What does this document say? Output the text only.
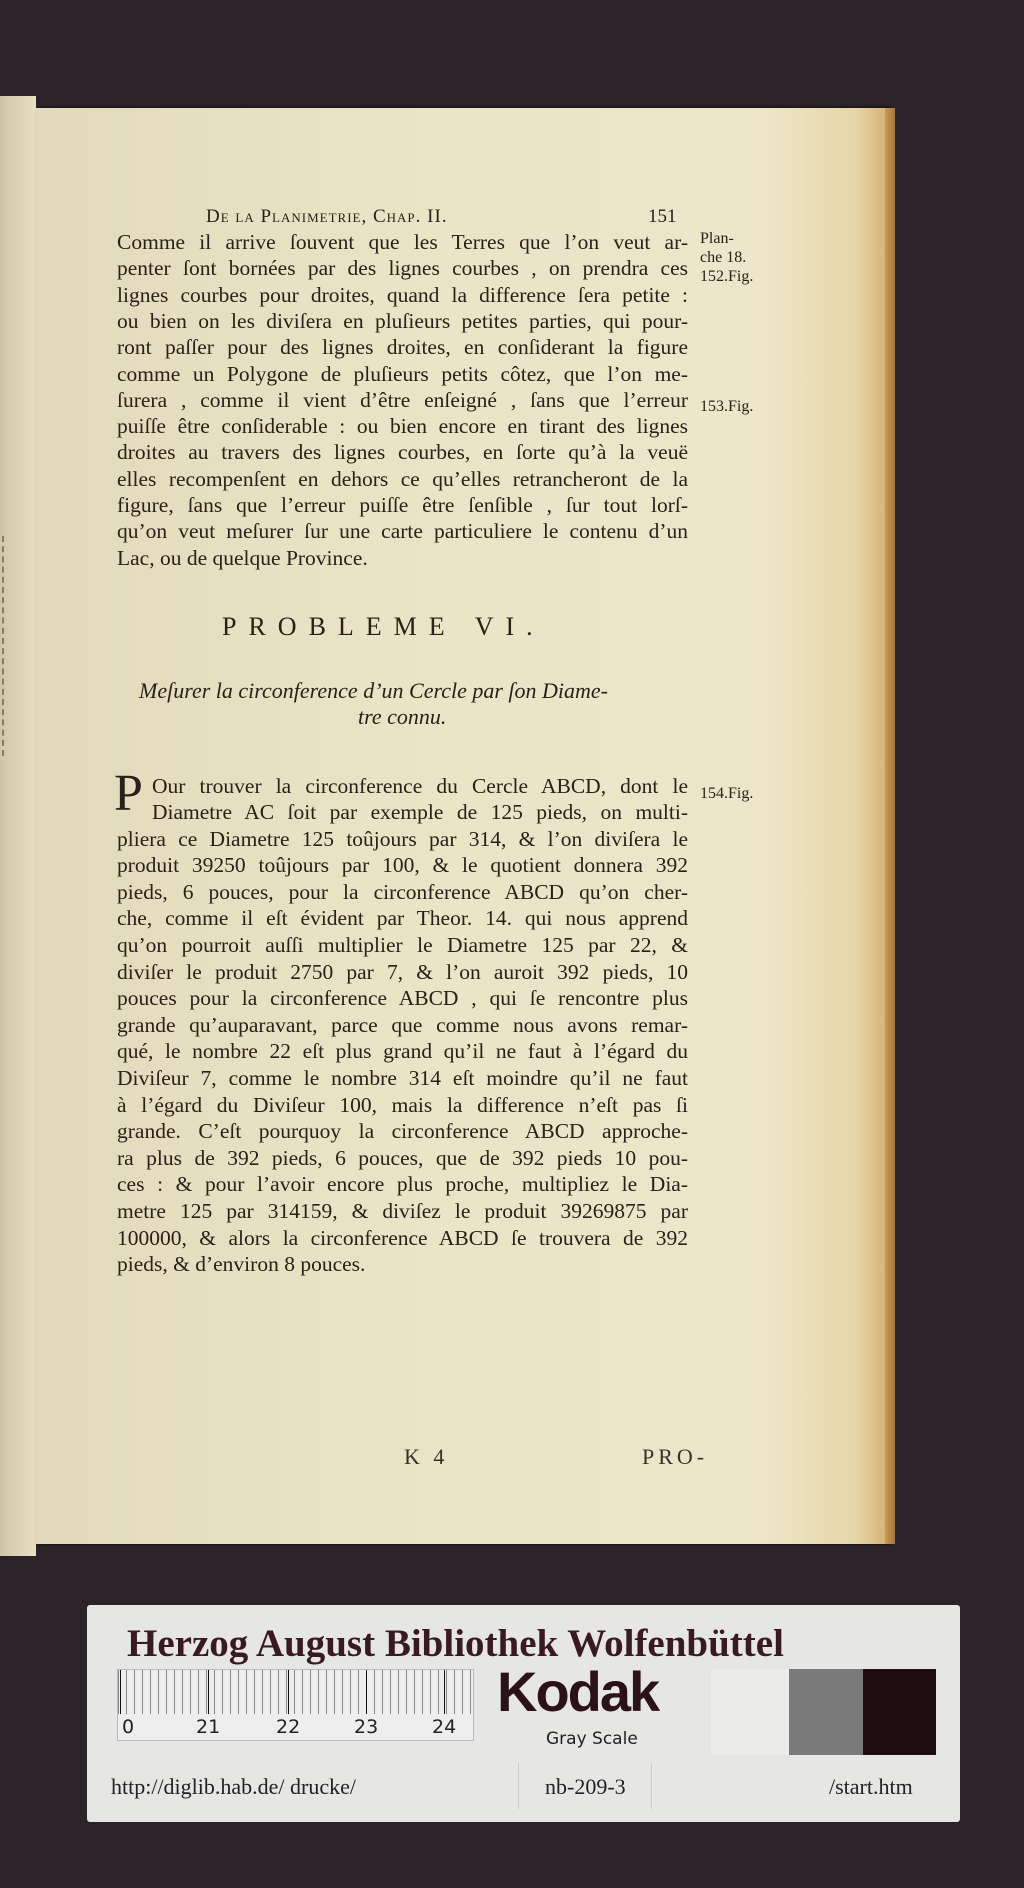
De la Planimetrie, Chap. II.	151
Plan-
che 18.
152.Fig.
153.Fig.
154.Fig.
Comme il arrive ſouvent que les Terres que l’on veut ar-
penter ſont bornées par des lignes courbes , on prendra ces
lignes courbes pour droites, quand la difference ſera petite :
ou bien on les diviſera en pluſieurs petites parties, qui pour-
ront paſſer pour des lignes droites, en conſiderant la figure
comme un Polygone de pluſieurs petits côtez, que l’on me-
ſurera , comme il vient d’être enſeigné , ſans que l’erreur
puiſſe être conſiderable : ou bien encore en tirant des lignes
droites au travers des lignes courbes, en ſorte qu’à la veuë
elles recompenſent en dehors ce qu’elles retrancheront de la
figure, ſans que l’erreur puiſſe être ſenſible , ſur tout lorſ-
qu’on veut meſurer ſur une carte particuliere le contenu d’un
Lac, ou de quelque Province.
PROBLEME VI.
Meſurer la circonference d’un Cercle par ſon Diame-
tre connu.
P Our trouver la circonference du Cercle ABCD, dont le
Diametre AC ſoit par exemple de 125 pieds, on multi-
pliera ce Diametre 125 toûjours par 314, & l’on diviſera le
produit 39250 toûjours par 100, & le quotient donnera 392
pieds, 6 pouces, pour la circonference ABCD qu’on cher-
che, comme il eſt évident par Theor. 14. qui nous apprend
qu’on pourroit auſſi multiplier le Diametre 125 par 22, &
diviſer le produit 2750 par 7, & l’on auroit 392 pieds, 10
pouces pour la circonference ABCD , qui ſe rencontre plus
grande qu’auparavant, parce que comme nous avons remar-
qué, le nombre 22 eſt plus grand qu’il ne faut à l’égard du
Diviſeur 7, comme le nombre 314 eſt moindre qu’il ne faut
à l’égard du Diviſeur 100, mais la difference n’eſt pas ſi
grande. C’eſt pourquoy la circonference ABCD approche-
ra plus de 392 pieds, 6 pouces, que de 392 pieds 10 pou-
ces : & pour l’avoir encore plus proche, multipliez le Dia-
metre 125 par 314159, & diviſez le produit 39269875 par
100000, & alors la circonference ABCD ſe trouvera de 392
pieds, & d’environ 8 pouces.
K 4	PRO-
Herzog August Bibliothek Wolfenbüttel
0	21	22	23	24
Kodak
Gray Scale
http://diglib.hab.de/ drucke/	nb-209-3	/start.htm
